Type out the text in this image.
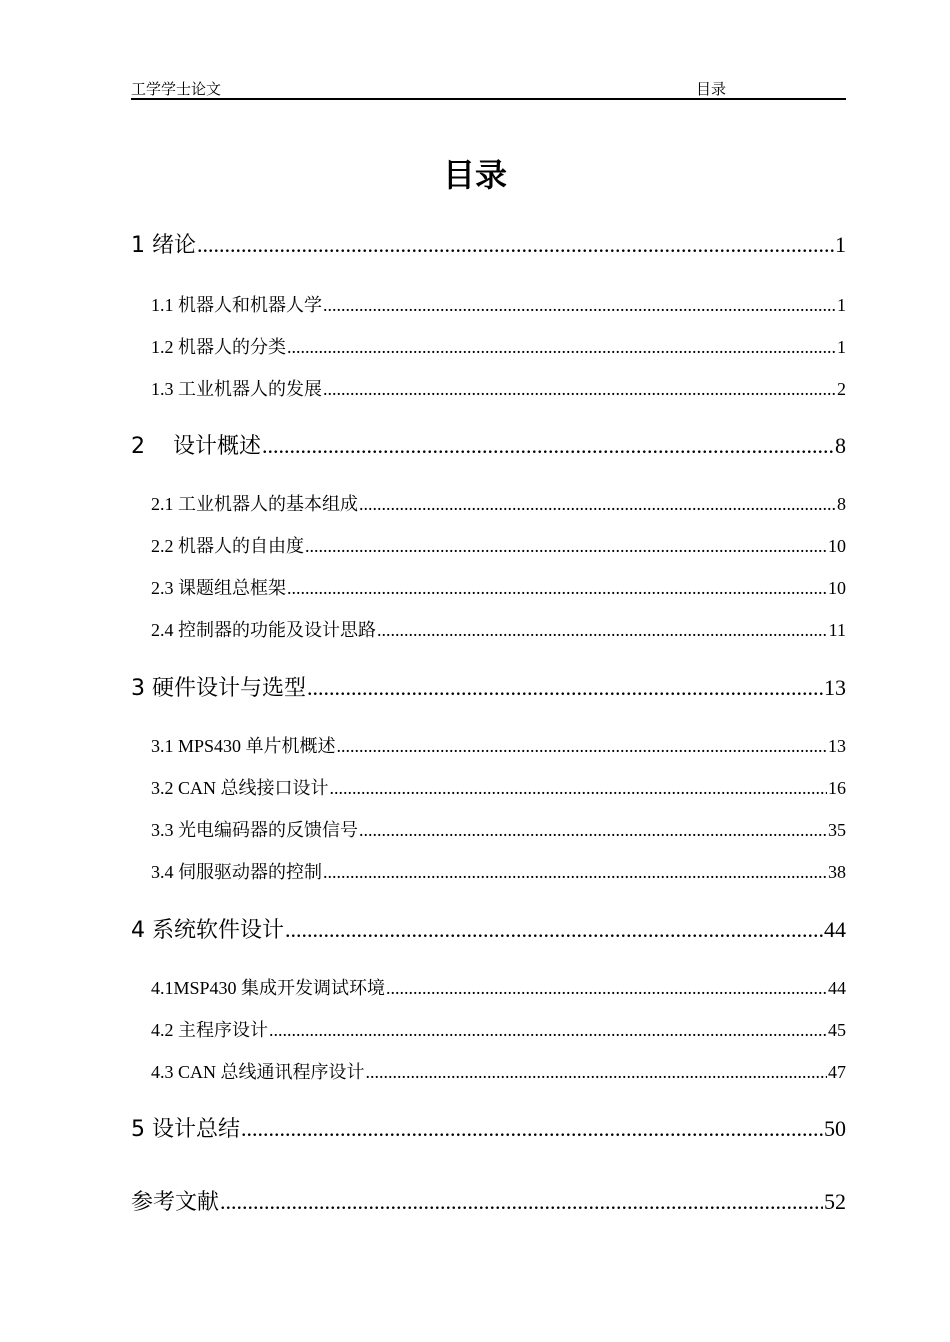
工学学士论文	目录
目录
1 绪论 .....	1
1.1 机器人和机器人学 .....	1
1.2 机器人的分类 .....	1
1.3 工业机器人的发展 .....	2
2    设计概述 .....	8
2.1 工业机器人的基本组成 .....	8
2.2 机器人的自由度 .....	10
2.3 课题组总框架 .....	10
2.4 控制器的功能及设计思路 .....	11
3 硬件设计与选型 .....	13
3.1 MPS430 单片机概述 .....	13
3.2 CAN 总线接口设计 .....	16
3.3 光电编码器的反馈信号 .....	35
3.4 伺服驱动器的控制 .....	38
4 系统软件设计 .....	44
4.1MSP430 集成开发调试环境 .....	44
4.2 主程序设计 .....	45
4.3 CAN 总线通讯程序设计 .....	47
5 设计总结 .....	50
参考文献 .....	52
